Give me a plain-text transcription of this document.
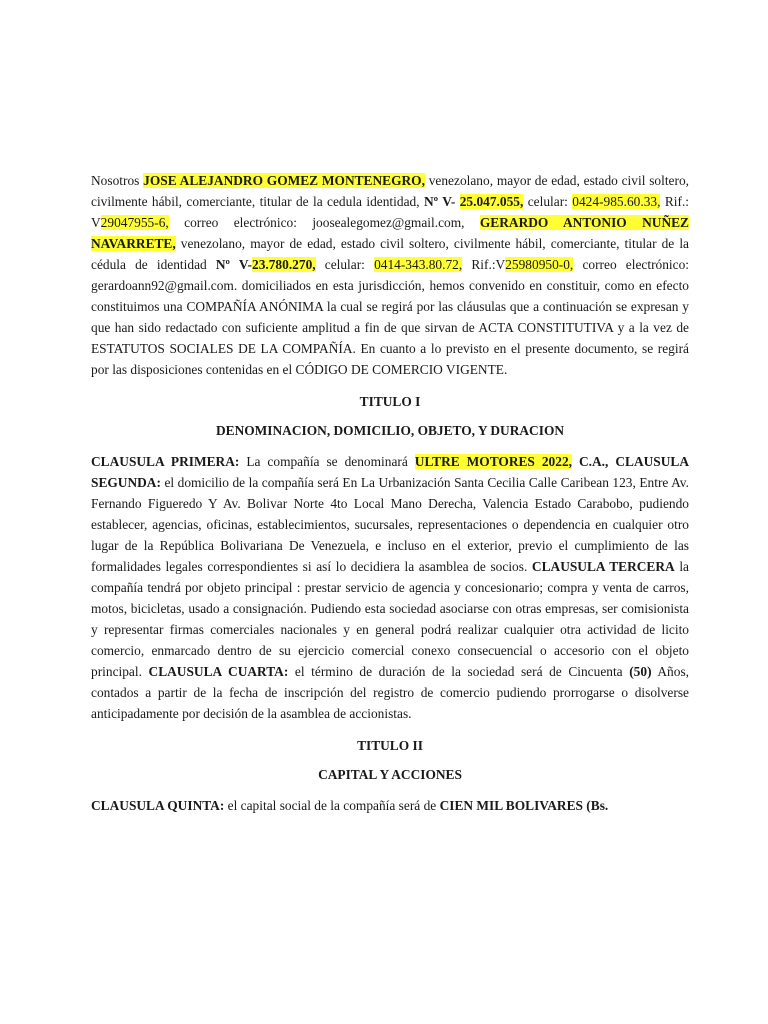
Nosotros JOSE ALEJANDRO GOMEZ MONTENEGRO, venezolano, mayor de edad, estado civil soltero, civilmente hábil, comerciante, titular de la cedula identidad, Nº V- 25.047.055, celular: 0424-985.60.33, Rif.: V29047955-6, correo electrónico: joosealegomez@gmail.com, GERARDO ANTONIO NUÑEZ NAVARRETE, venezolano, mayor de edad, estado civil soltero, civilmente hábil, comerciante, titular de la cédula de identidad Nº V-23.780.270, celular: 0414-343.80.72, Rif.:V25980950-0, correo electrónico: gerardoann92@gmail.com. domiciliados en esta jurisdicción, hemos convenido en constituir, como en efecto constituimos una COMPAÑÍA ANÓNIMA la cual se regirá por las cláusulas que a continuación se expresan y que han sido redactado con suficiente amplitud a fin de que sirvan de ACTA CONSTITUTIVA y a la vez de ESTATUTOS SOCIALES DE LA COMPAÑÍA. En cuanto a lo previsto en el presente documento, se regirá por las disposiciones contenidas en el CÓDIGO DE COMERCIO VIGENTE.

TITULO I

DENOMINACION, DOMICILIO, OBJETO, Y DURACION

CLAUSULA PRIMERA: La compañía se denominará ULTRE MOTORES 2022, C.A., CLAUSULA SEGUNDA: el domicilio de la compañía será En La Urbanización Santa Cecilia Calle Caribean 123, Entre Av. Fernando Figueredo Y Av. Bolivar Norte 4to Local Mano Derecha, Valencia Estado Carabobo, pudiendo establecer, agencias, oficinas, establecimientos, sucursales, representaciones o dependencia en cualquier otro lugar de la República Bolivariana De Venezuela, e incluso en el exterior, previo el cumplimiento de las formalidades legales correspondientes si así lo decidiera la asamblea de socios. CLAUSULA TERCERA la compañía tendrá por objeto principal : prestar servicio de agencia y concesionario; compra y venta de carros, motos, bicicletas, usado a consignación. Pudiendo esta sociedad asociarse con otras empresas, ser comisionista y representar firmas comerciales nacionales y en general podrá realizar cualquier otra actividad de licito comercio, enmarcado dentro de su ejercicio comercial conexo consecuencial o accesorio con el objeto principal. CLAUSULA CUARTA: el término de duración de la sociedad será de Cincuenta (50) Años, contados a partir de la fecha de inscripción del registro de comercio pudiendo prorrogarse o disolverse anticipadamente por decisión de la asamblea de accionistas.

TITULO II

CAPITAL Y ACCIONES

CLAUSULA QUINTA: el capital social de la compañía será de CIEN MIL BOLIVARES (Bs.
